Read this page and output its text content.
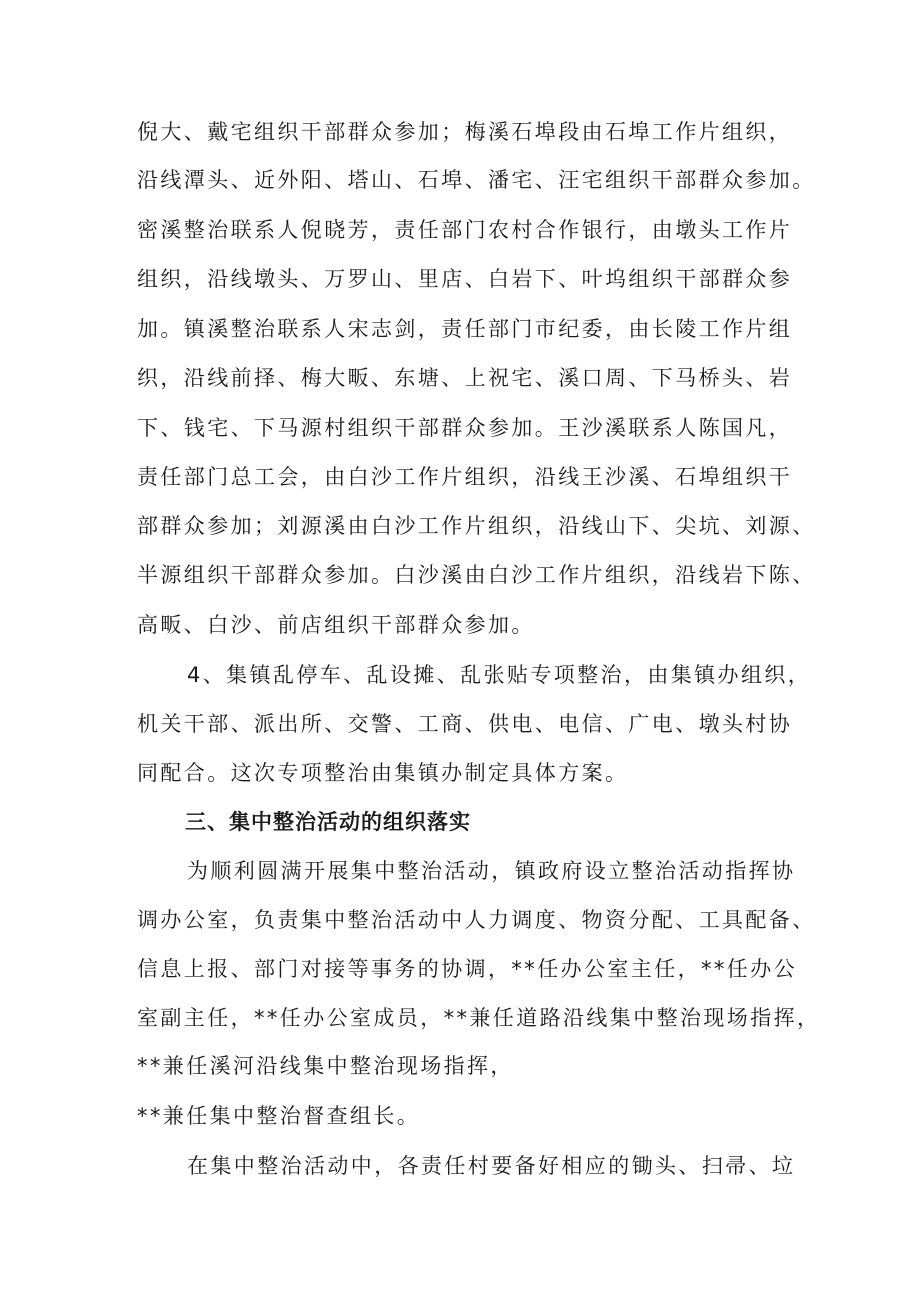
倪大、戴宅组织干部群众参加；梅溪石埠段由石埠工作片组织，
沿线潭头、近外阳、塔山、石埠、潘宅、汪宅组织干部群众参加。
密溪整治联系人倪晓芳，责任部门农村合作银行，由墩头工作片
组织，沿线墩头、万罗山、里店、白岩下、叶坞组织干部群众参
加。镇溪整治联系人宋志剑，责任部门市纪委，由长陵工作片组
织，沿线前择、梅大畈、东塘、上祝宅、溪口周、下马桥头、岩
下、钱宅、下马源村组织干部群众参加。王沙溪联系人陈国凡，
责任部门总工会，由白沙工作片组织，沿线王沙溪、石埠组织干
部群众参加；刘源溪由白沙工作片组织，沿线山下、尖坑、刘源、
半源组织干部群众参加。白沙溪由白沙工作片组织，沿线岩下陈、
高畈、白沙、前店组织干部群众参加。
4、集镇乱停车、乱设摊、乱张贴专项整治，由集镇办组织，
机关干部、派出所、交警、工商、供电、电信、广电、墩头村协
同配合。这次专项整治由集镇办制定具体方案。
三、集中整治活动的组织落实
为顺利圆满开展集中整治活动，镇政府设立整治活动指挥协
调办公室，负责集中整治活动中人力调度、物资分配、工具配备、
信息上报、部门对接等事务的协调，**任办公室主任，**任办公
室副主任，**任办公室成员，**兼任道路沿线集中整治现场指挥，
**兼任溪河沿线集中整治现场指挥，
**兼任集中整治督查组长。
在集中整治活动中，各责任村要备好相应的锄头、扫帚、垃
